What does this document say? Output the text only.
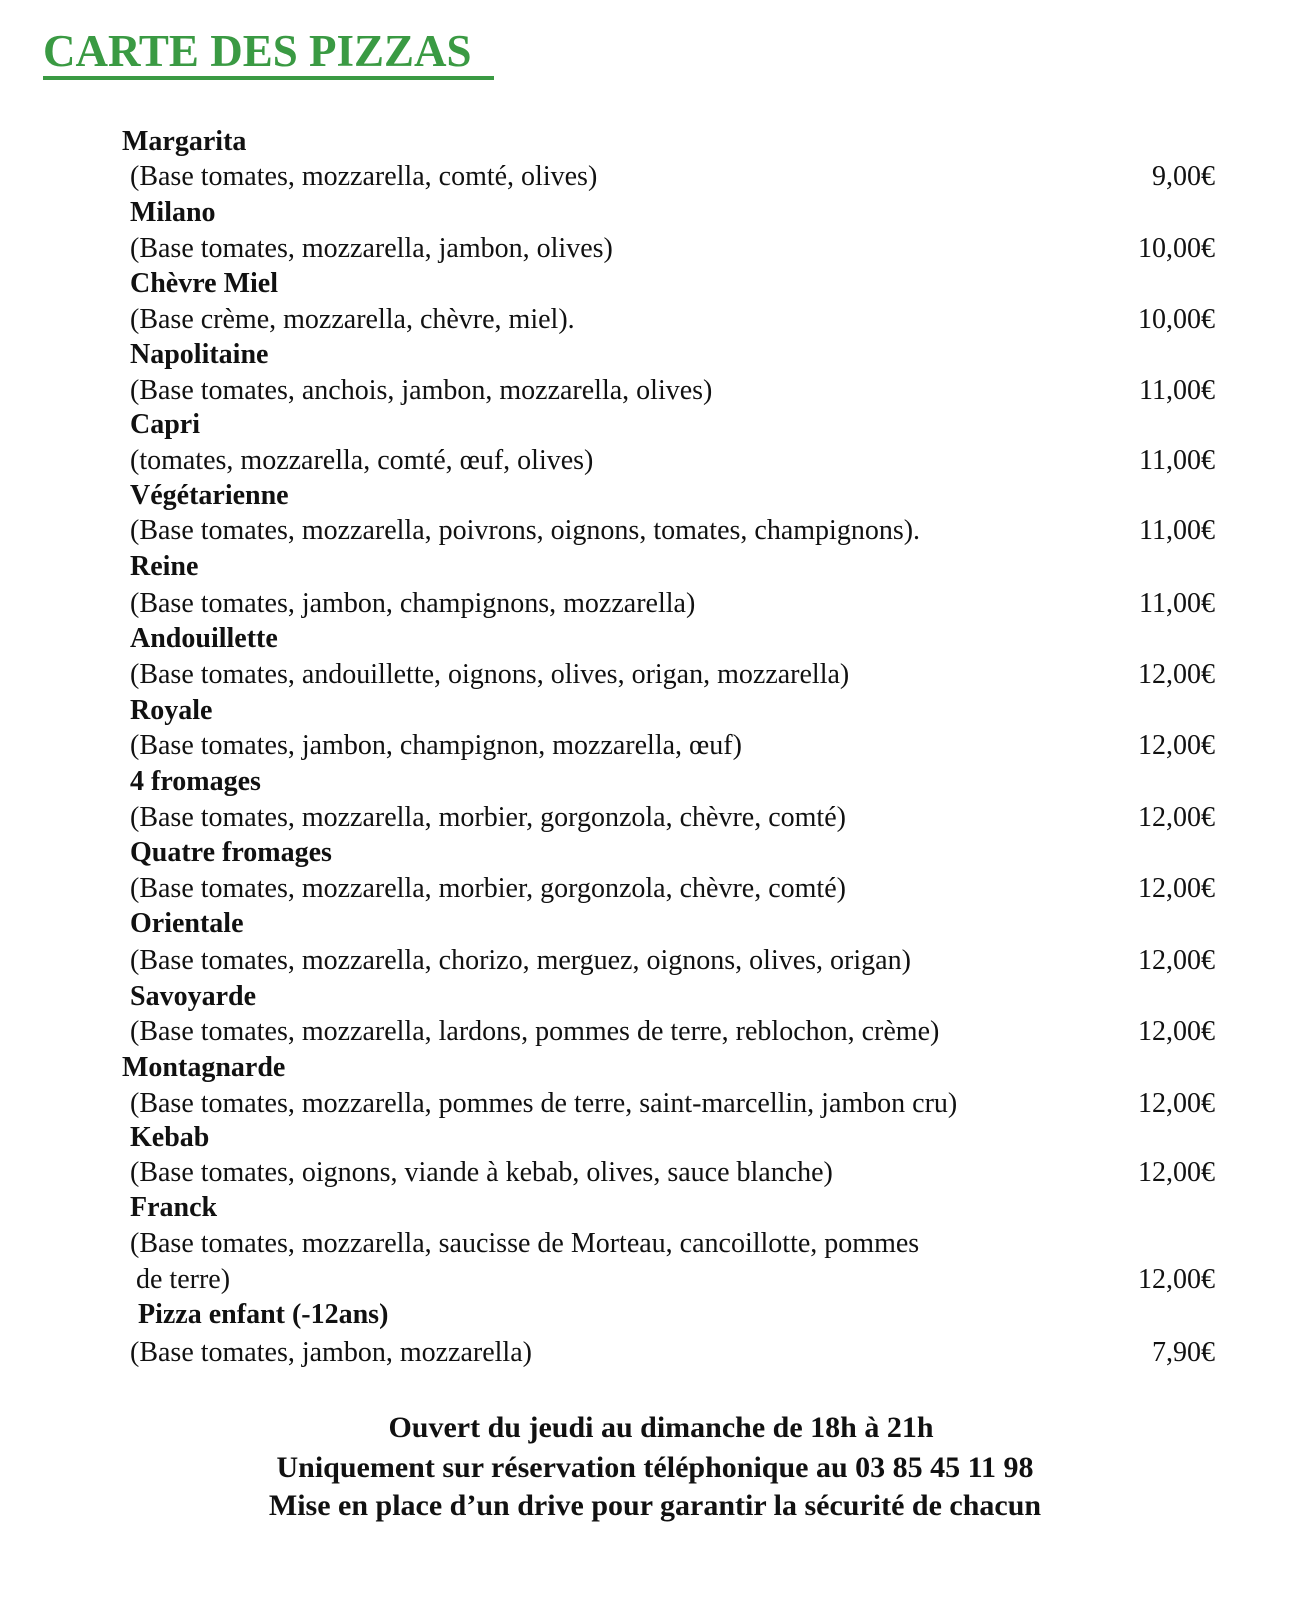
CARTE DES PIZZAS
Margarita
(Base tomates, mozzarella, comté, olives)	9,00€
Milano
(Base tomates, mozzarella, jambon, olives)	10,00€
Chèvre Miel
(Base crème, mozzarella, chèvre, miel).	10,00€
Napolitaine
(Base tomates, anchois, jambon, mozzarella, olives)	11,00€
Capri
(tomates, mozzarella, comté, œuf, olives)	11,00€
Végétarienne
(Base tomates, mozzarella, poivrons, oignons, tomates, champignons).	11,00€
Reine
(Base tomates, jambon, champignons, mozzarella)	11,00€
Andouillette
(Base tomates, andouillette, oignons, olives, origan, mozzarella)	12,00€
Royale
(Base tomates, jambon, champignon, mozzarella, œuf)	12,00€
4 fromages
(Base tomates, mozzarella, morbier, gorgonzola, chèvre, comté)	12,00€
Quatre fromages
(Base tomates, mozzarella, morbier, gorgonzola, chèvre, comté)	12,00€
Orientale
(Base tomates, mozzarella, chorizo, merguez, oignons, olives, origan)	12,00€
Savoyarde
(Base tomates, mozzarella, lardons, pommes de terre, reblochon, crème)	12,00€
Montagnarde
(Base tomates, mozzarella, pommes de terre, saint-marcellin, jambon cru)	12,00€
Kebab
(Base tomates, oignons, viande à kebab, olives, sauce blanche)	12,00€
Franck
(Base tomates, mozzarella, saucisse de Morteau, cancoillotte, pommes
de terre)	12,00€
Pizza enfant (-12ans)
(Base tomates, jambon, mozzarella)	7,90€
Ouvert du jeudi au dimanche de 18h à 21h
Uniquement sur réservation téléphonique au 03 85 45 11 98
Mise en place d’un drive pour garantir la sécurité de chacun
